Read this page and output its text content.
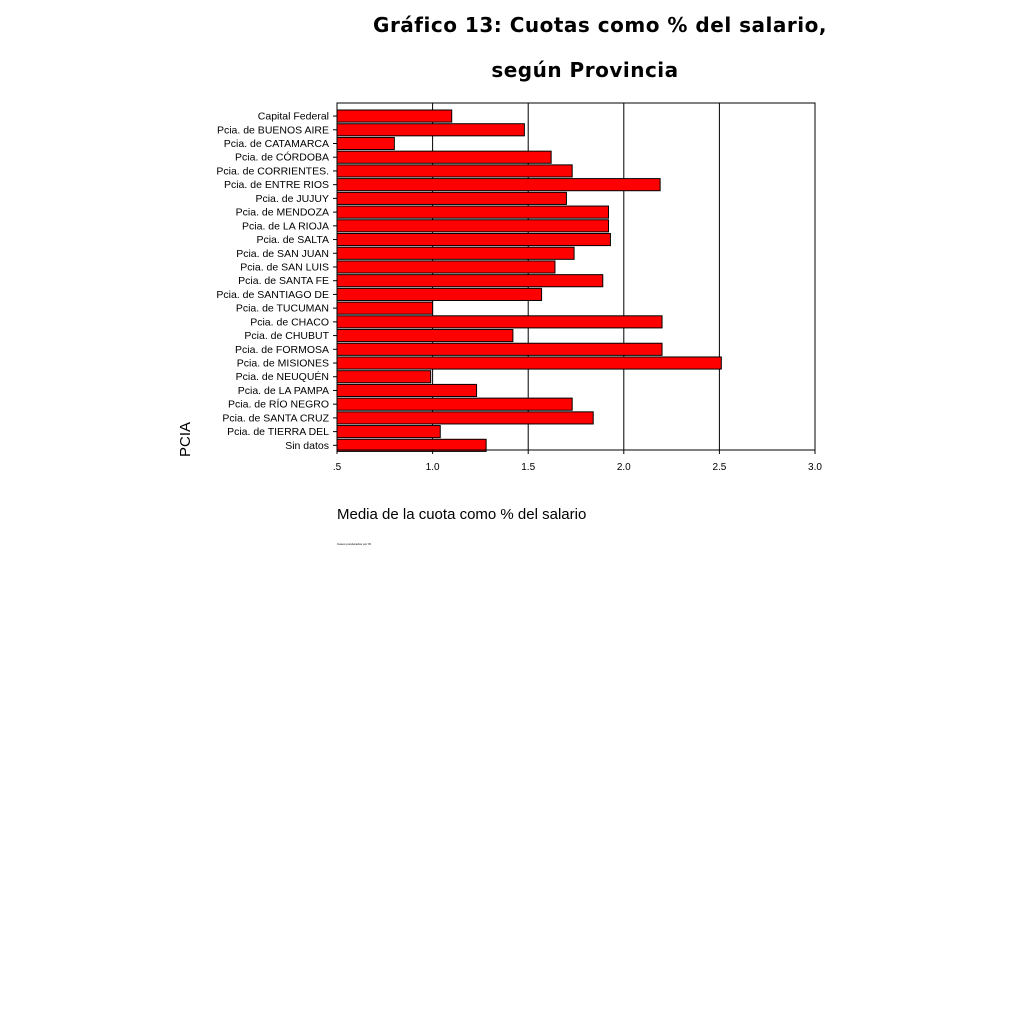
Gráfico 13: Cuotas como % del salario,
según Provincia
Capital Federal
Pcia. de BUENOS AIRE
Pcia. de CATAMARCA
Pcia. de CÓRDOBA
Pcia. de CORRIENTES.
Pcia. de ENTRE RIOS
Pcia. de JUJUY
Pcia. de MENDOZA
Pcia. de LA RIOJA
Pcia. de SALTA
Pcia. de SAN JUAN
Pcia. de SAN LUIS
Pcia. de SANTA FE
Pcia. de SANTIAGO DE
Pcia. de TUCUMAN
Pcia. de CHACO
Pcia. de CHUBUT
Pcia. de FORMOSA
Pcia. de MISIONES
Pcia. de NEUQUÉN
Pcia. de LA PAMPA
Pcia. de RÍO NEGRO
Pcia. de SANTA CRUZ
Pcia. de TIERRA DEL
Sin datos
.5	1.0	1.5	2.0	2.5	3.0
Media de la cuota como % del salario
PCIA
Casos ponderados por W
